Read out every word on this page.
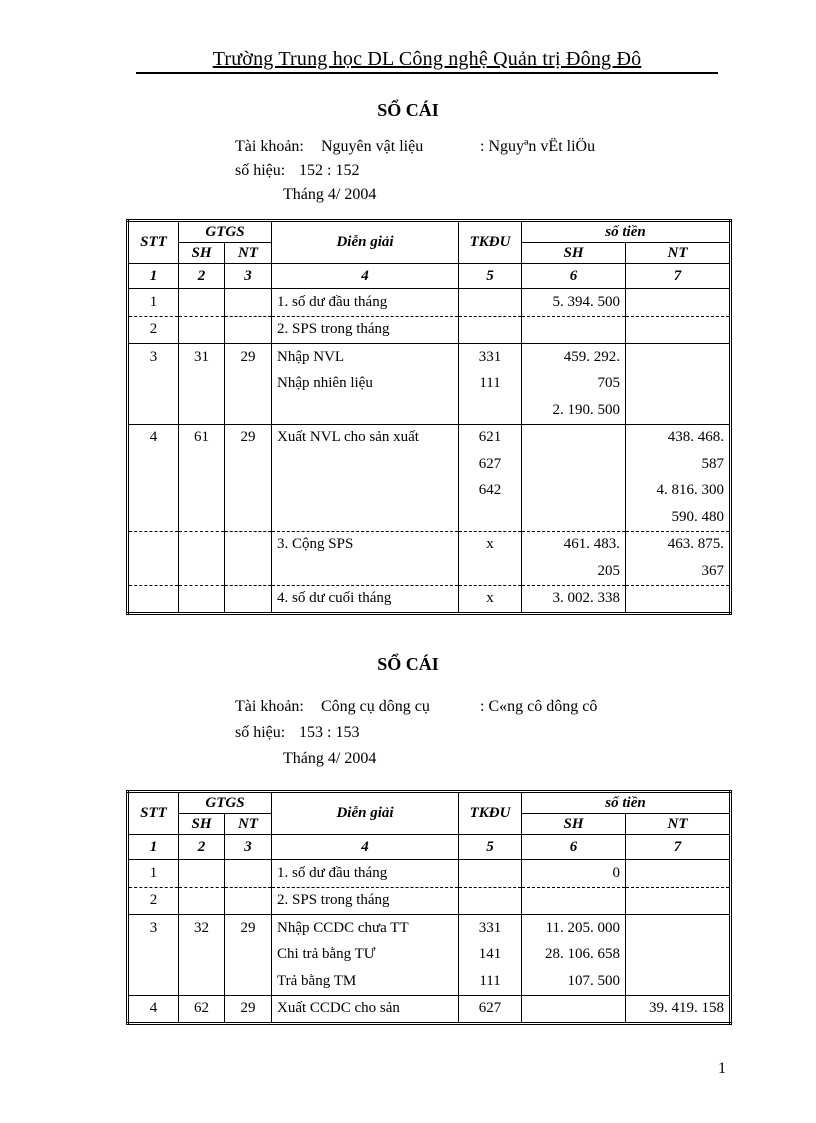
Trường Trung học DL Công nghệ Quản trị Đông Đô
SỔ CÁI
Tài khoản: Nguyên vật liệu	: Nguyªn vËt liÖu
số hiệu: 152 : 152
Tháng 4/ 2004
STT	GTGS		Diễn giải	TKĐU	số tiền	
	SH	NT			SH	NT
1	2	3	4	5	6	7
1			1. số dư đầu tháng		5. 394. 500	
2			2. SPS trong tháng			
3	31	29	Nhập NVL	331	459. 292.	
			Nhập nhiên liệu	111	705	
					2. 190. 500	
4	61	29	Xuất NVL cho sản xuất	621		438. 468.
				627		587
				642		4. 816. 300
						590. 480
			3. Cộng SPS	x	461. 483.	463. 875.
					205	367
			4. số dư cuối tháng	x	3. 002. 338	
SỔ CÁI
Tài khoản: Công cụ dông cụ	: C«ng cô dông cô
số hiệu: 153 : 153
Tháng 4/ 2004
STT	GTGS		Diễn giải	TKĐU	số tiền	
	SH	NT			SH	NT
1	2	3	4	5	6	7
1			1. số dư đầu tháng		0	
2			2. SPS trong tháng			
3	32	29	Nhập CCDC chưa TT	331	11. 205. 000	
			Chi trả bằng TƯ	141	28. 106. 658	
			Trả bằng TM	111	107. 500	
4	62	29	Xuất CCDC cho sản	627		39. 419. 158
1
